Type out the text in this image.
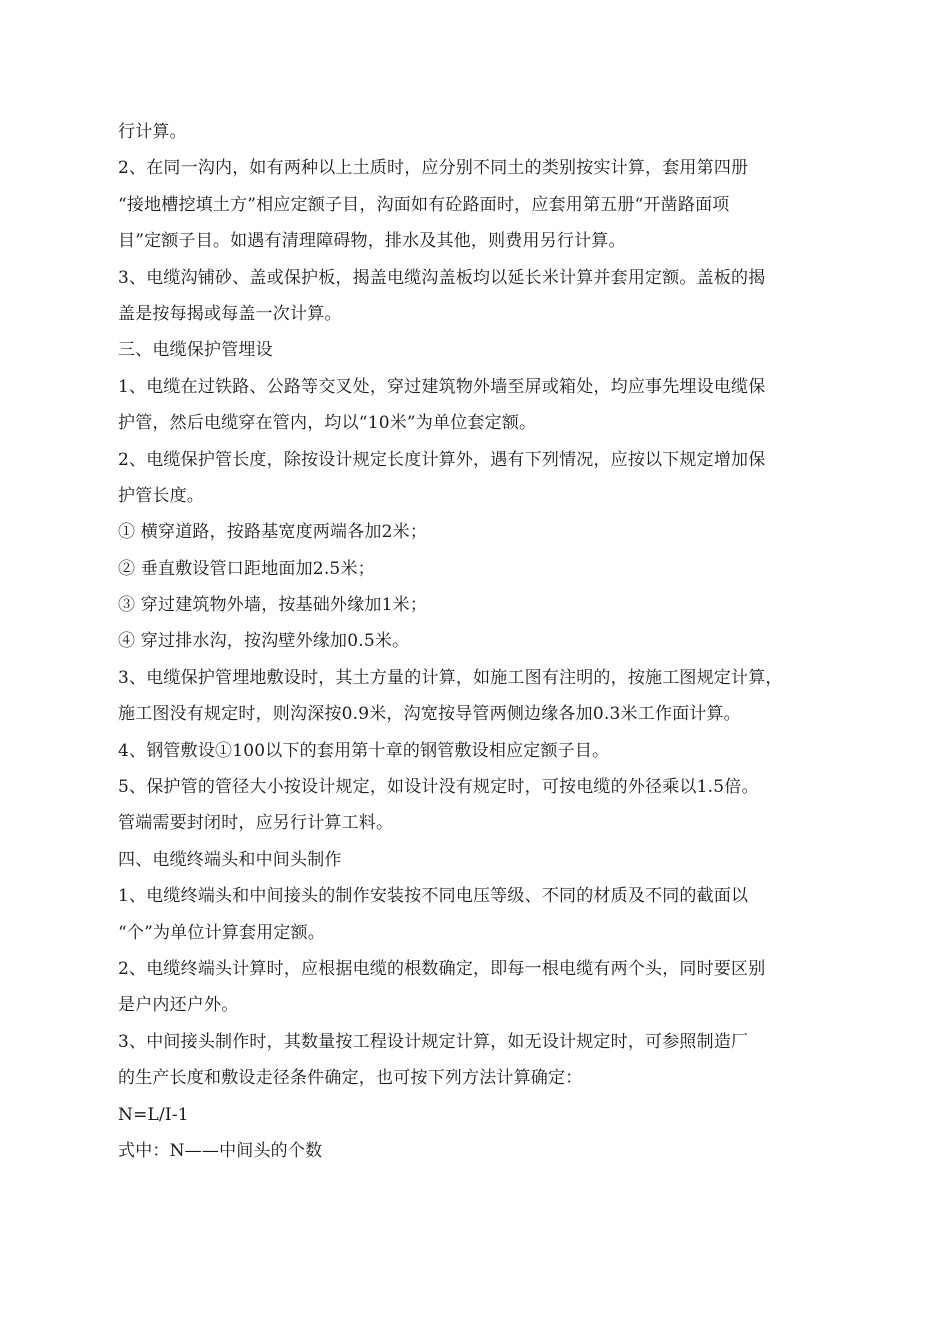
行计算。
2、在同一沟内，如有两种以上土质时，应分别不同土的类别按实计算，套用第四册
“接地槽挖填土方”相应定额子目，沟面如有砼路面时，应套用第五册“开凿路面项
目”定额子目。如遇有清理障碍物，排水及其他，则费用另行计算。
3、电缆沟铺砂、盖或保护板，揭盖电缆沟盖板均以延长米计算并套用定额。盖板的揭
盖是按每揭或每盖一次计算。
三、电缆保护管埋设
1、电缆在过铁路、公路等交叉处，穿过建筑物外墙至屏或箱处，均应事先埋设电缆保
护管，然后电缆穿在管内，均以“10米”为单位套定额。
2、电缆保护管长度，除按设计规定长度计算外，遇有下列情况，应按以下规定增加保
护管长度。
① 横穿道路，按路基宽度两端各加2米；
② 垂直敷设管口距地面加2.5米；
③ 穿过建筑物外墙，按基础外缘加1米；
④ 穿过排水沟，按沟壁外缘加0.5米。
3、电缆保护管埋地敷设时，其土方量的计算，如施工图有注明的，按施工图规定计算，
施工图没有规定时，则沟深按0.9米，沟宽按导管两侧边缘各加0.3米工作面计算。
4、钢管敷设①100以下的套用第十章的钢管敷设相应定额子目。
5、保护管的管径大小按设计规定，如设计没有规定时，可按电缆的外径乘以1.5倍。
管端需要封闭时，应另行计算工料。
四、电缆终端头和中间头制作
1、电缆终端头和中间接头的制作安装按不同电压等级、不同的材质及不同的截面以
“个”为单位计算套用定额。
2、电缆终端头计算时，应根据电缆的根数确定，即每一根电缆有两个头，同时要区别
是户内还户外。
3、中间接头制作时，其数量按工程设计规定计算，如无设计规定时，可参照制造厂
的生产长度和敷设走径条件确定，也可按下列方法计算确定：
N=L/I-1
式中：N——中间头的个数
